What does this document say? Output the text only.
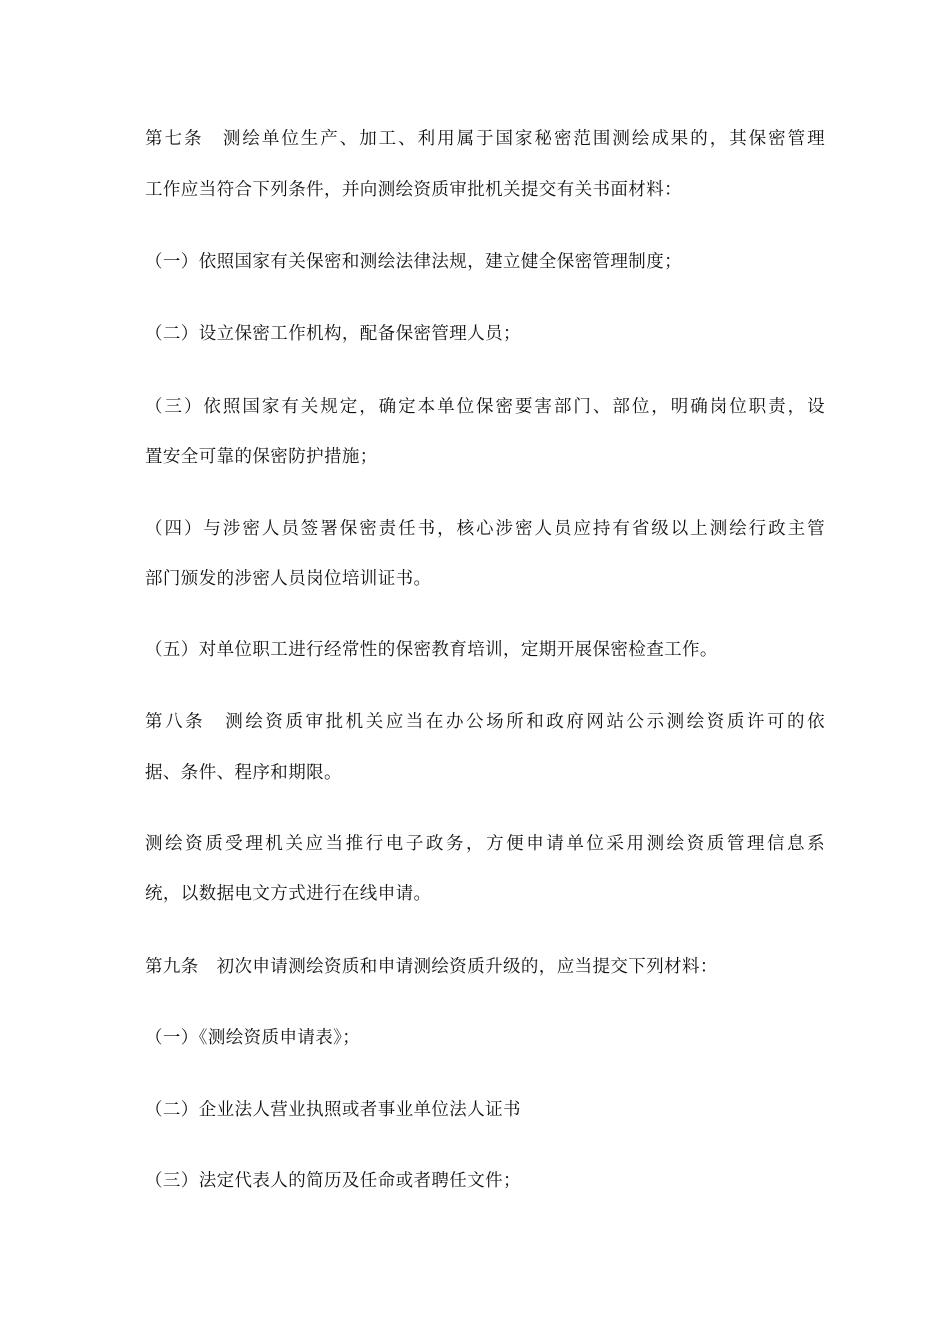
第七条　测绘单位生产、加工、利用属于国家秘密范围测绘成果的，其保密管理
工作应当符合下列条件，并向测绘资质审批机关提交有关书面材料：
（一）依照国家有关保密和测绘法律法规，建立健全保密管理制度；
（二）设立保密工作机构，配备保密管理人员；
（三）依照国家有关规定，确定本单位保密要害部门、部位，明确岗位职责，设
置安全可靠的保密防护措施；
（四）与涉密人员签署保密责任书，核心涉密人员应持有省级以上测绘行政主管
部门颁发的涉密人员岗位培训证书。
（五）对单位职工进行经常性的保密教育培训，定期开展保密检查工作。
第八条　测绘资质审批机关应当在办公场所和政府网站公示测绘资质许可的依
据、条件、程序和期限。
测绘资质受理机关应当推行电子政务，方便申请单位采用测绘资质管理信息系
统，以数据电文方式进行在线申请。
第九条　初次申请测绘资质和申请测绘资质升级的，应当提交下列材料：
（一）《测绘资质申请表》；
（二）企业法人营业执照或者事业单位法人证书
（三）法定代表人的简历及任命或者聘任文件；
